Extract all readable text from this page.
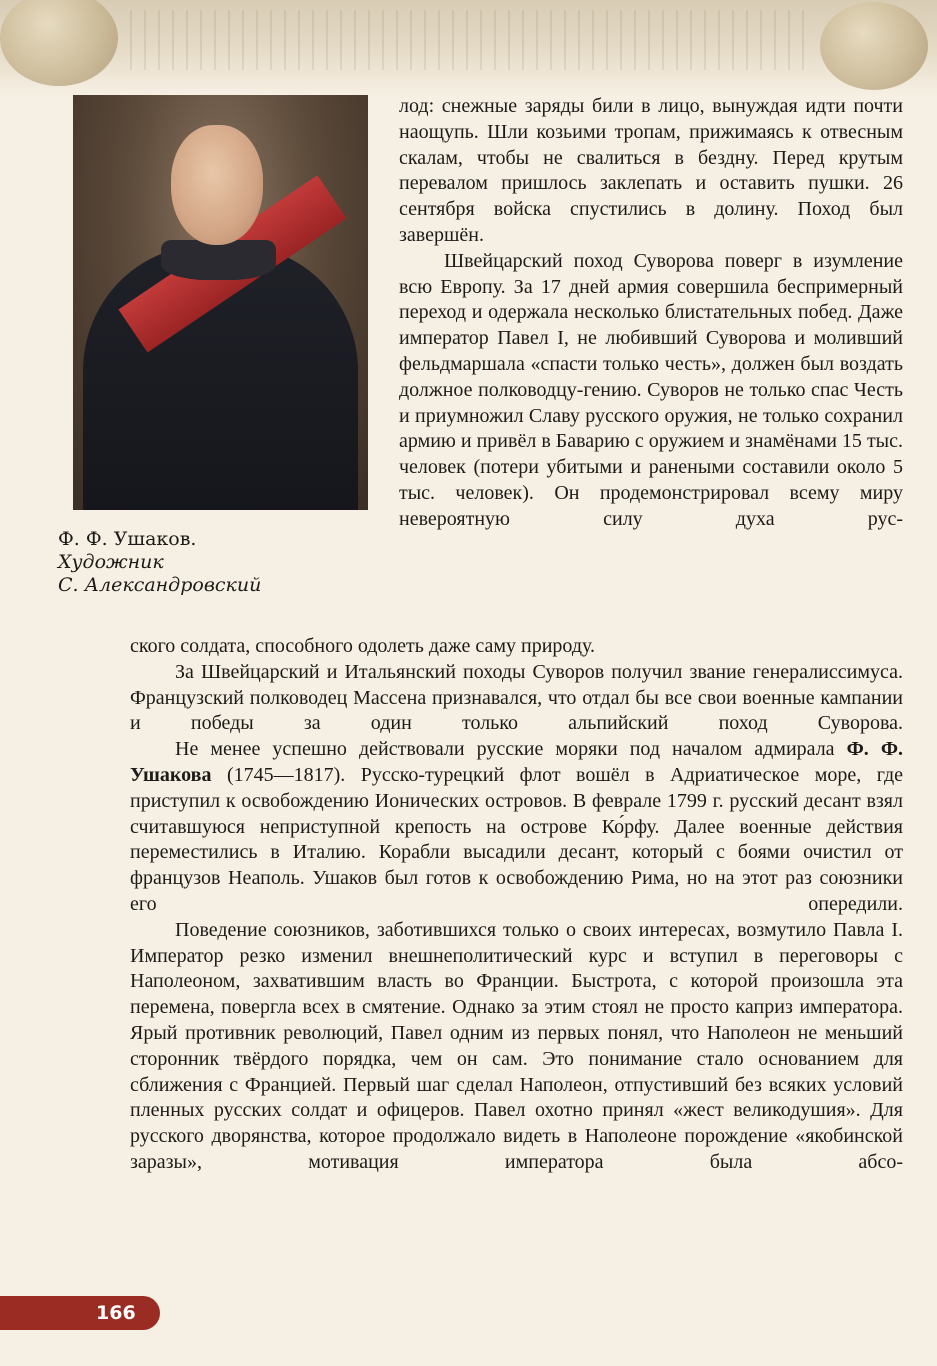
Ф. Ф. Ушаков.
Художник
С. Александровский

лод: снежные заряды били в лицо, вынуждая идти почти наощупь. Шли козьими тропам, прижимаясь к отвесным скалам, чтобы не свалиться в бездну. Перед крутым перевалом пришлось заклепать и оставить пушки. 26 сентября войска спустились в долину. Поход был завершён.

Швейцарский поход Суворова поверг в изумление всю Европу. За 17 дней армия совершила беспримерный переход и одержала несколько блистательных побед. Даже император Павел I, не любивший Суворова и моливший фельдмаршала «спасти только честь», должен был воздать должное полководцу-гению. Суворов не только спас Честь и приумножил Славу русского оружия, не только сохранил армию и привёл в Баварию с оружием и знамёнами 15 тыс. человек (потери убитыми и ранеными составили около 5 тыс. человек). Он продемонстрировал всему миру невероятную силу духа рус-

ского солдата, способного одолеть даже саму природу.

За Швейцарский и Итальянский походы Суворов получил звание генералиссимуса. Французский полководец Массена признавался, что отдал бы все свои военные кампании и победы за один только альпийский поход Суворова.

Не менее успешно действовали русские моряки под началом адмирала Ф. Ф. Ушакова (1745—1817). Русско-турецкий флот вошёл в Адриатическое море, где приступил к освобождению Ионических островов. В феврале 1799 г. русский десант взял считавшуюся неприступной крепость на острове Ко́рфу. Далее военные действия переместились в Италию. Корабли высадили десант, который с боями очистил от французов Неаполь. Ушаков был готов к освобождению Рима, но на этот раз союзники его опередили.

Поведение союзников, заботившихся только о своих интересах, возмутило Павла I. Император резко изменил внешнеполитический курс и вступил в переговоры с Наполеоном, захватившим власть во Франции. Быстрота, с которой произошла эта перемена, повергла всех в смятение. Однако за этим стоял не просто каприз императора. Ярый противник революций, Павел одним из первых понял, что Наполеон не меньший сторонник твёрдого порядка, чем он сам. Это понимание стало основанием для сближения с Францией. Первый шаг сделал Наполеон, отпустивший без всяких условий пленных русских солдат и офицеров. Павел охотно принял «жест великодушия». Для русского дворянства, которое продолжало видеть в Наполеоне порождение «якобинской заразы», мотивация императора была абсо-

166
